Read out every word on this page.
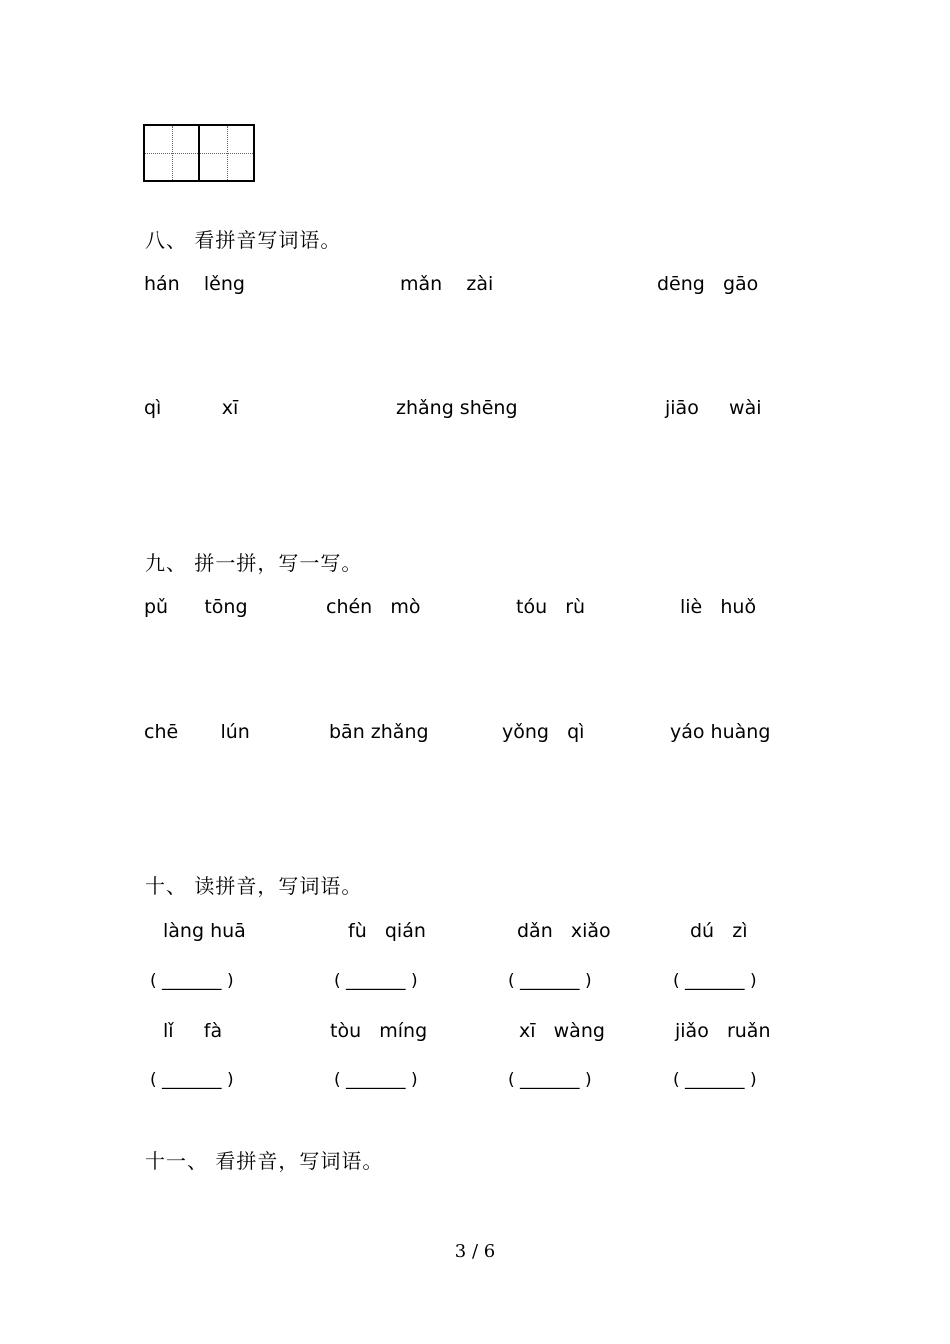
八、 看拼音写词语。
hán    lěng	mǎn    zài	dēng   gāo
qì          xī	zhǎng shēng	jiāo     wài
九、 拼一拼，写一写。
pǔ      tōng	chén   mò	tóu   rù	liè   huǒ
chē       lún	bān zhǎng	yǒng   qì	yáo huàng
十、 读拼音，写词语。
làng huā	fù   qián	dǎn   xiǎo	dú   zì
( _______ )	( _______ )	( _______ )	( _______ )
lǐ     fà	tòu   míng	xī   wàng	jiǎo   ruǎn
( _______ )	( _______ )	( _______ )	( _______ )
十一、 看拼音，写词语。
3 / 6
